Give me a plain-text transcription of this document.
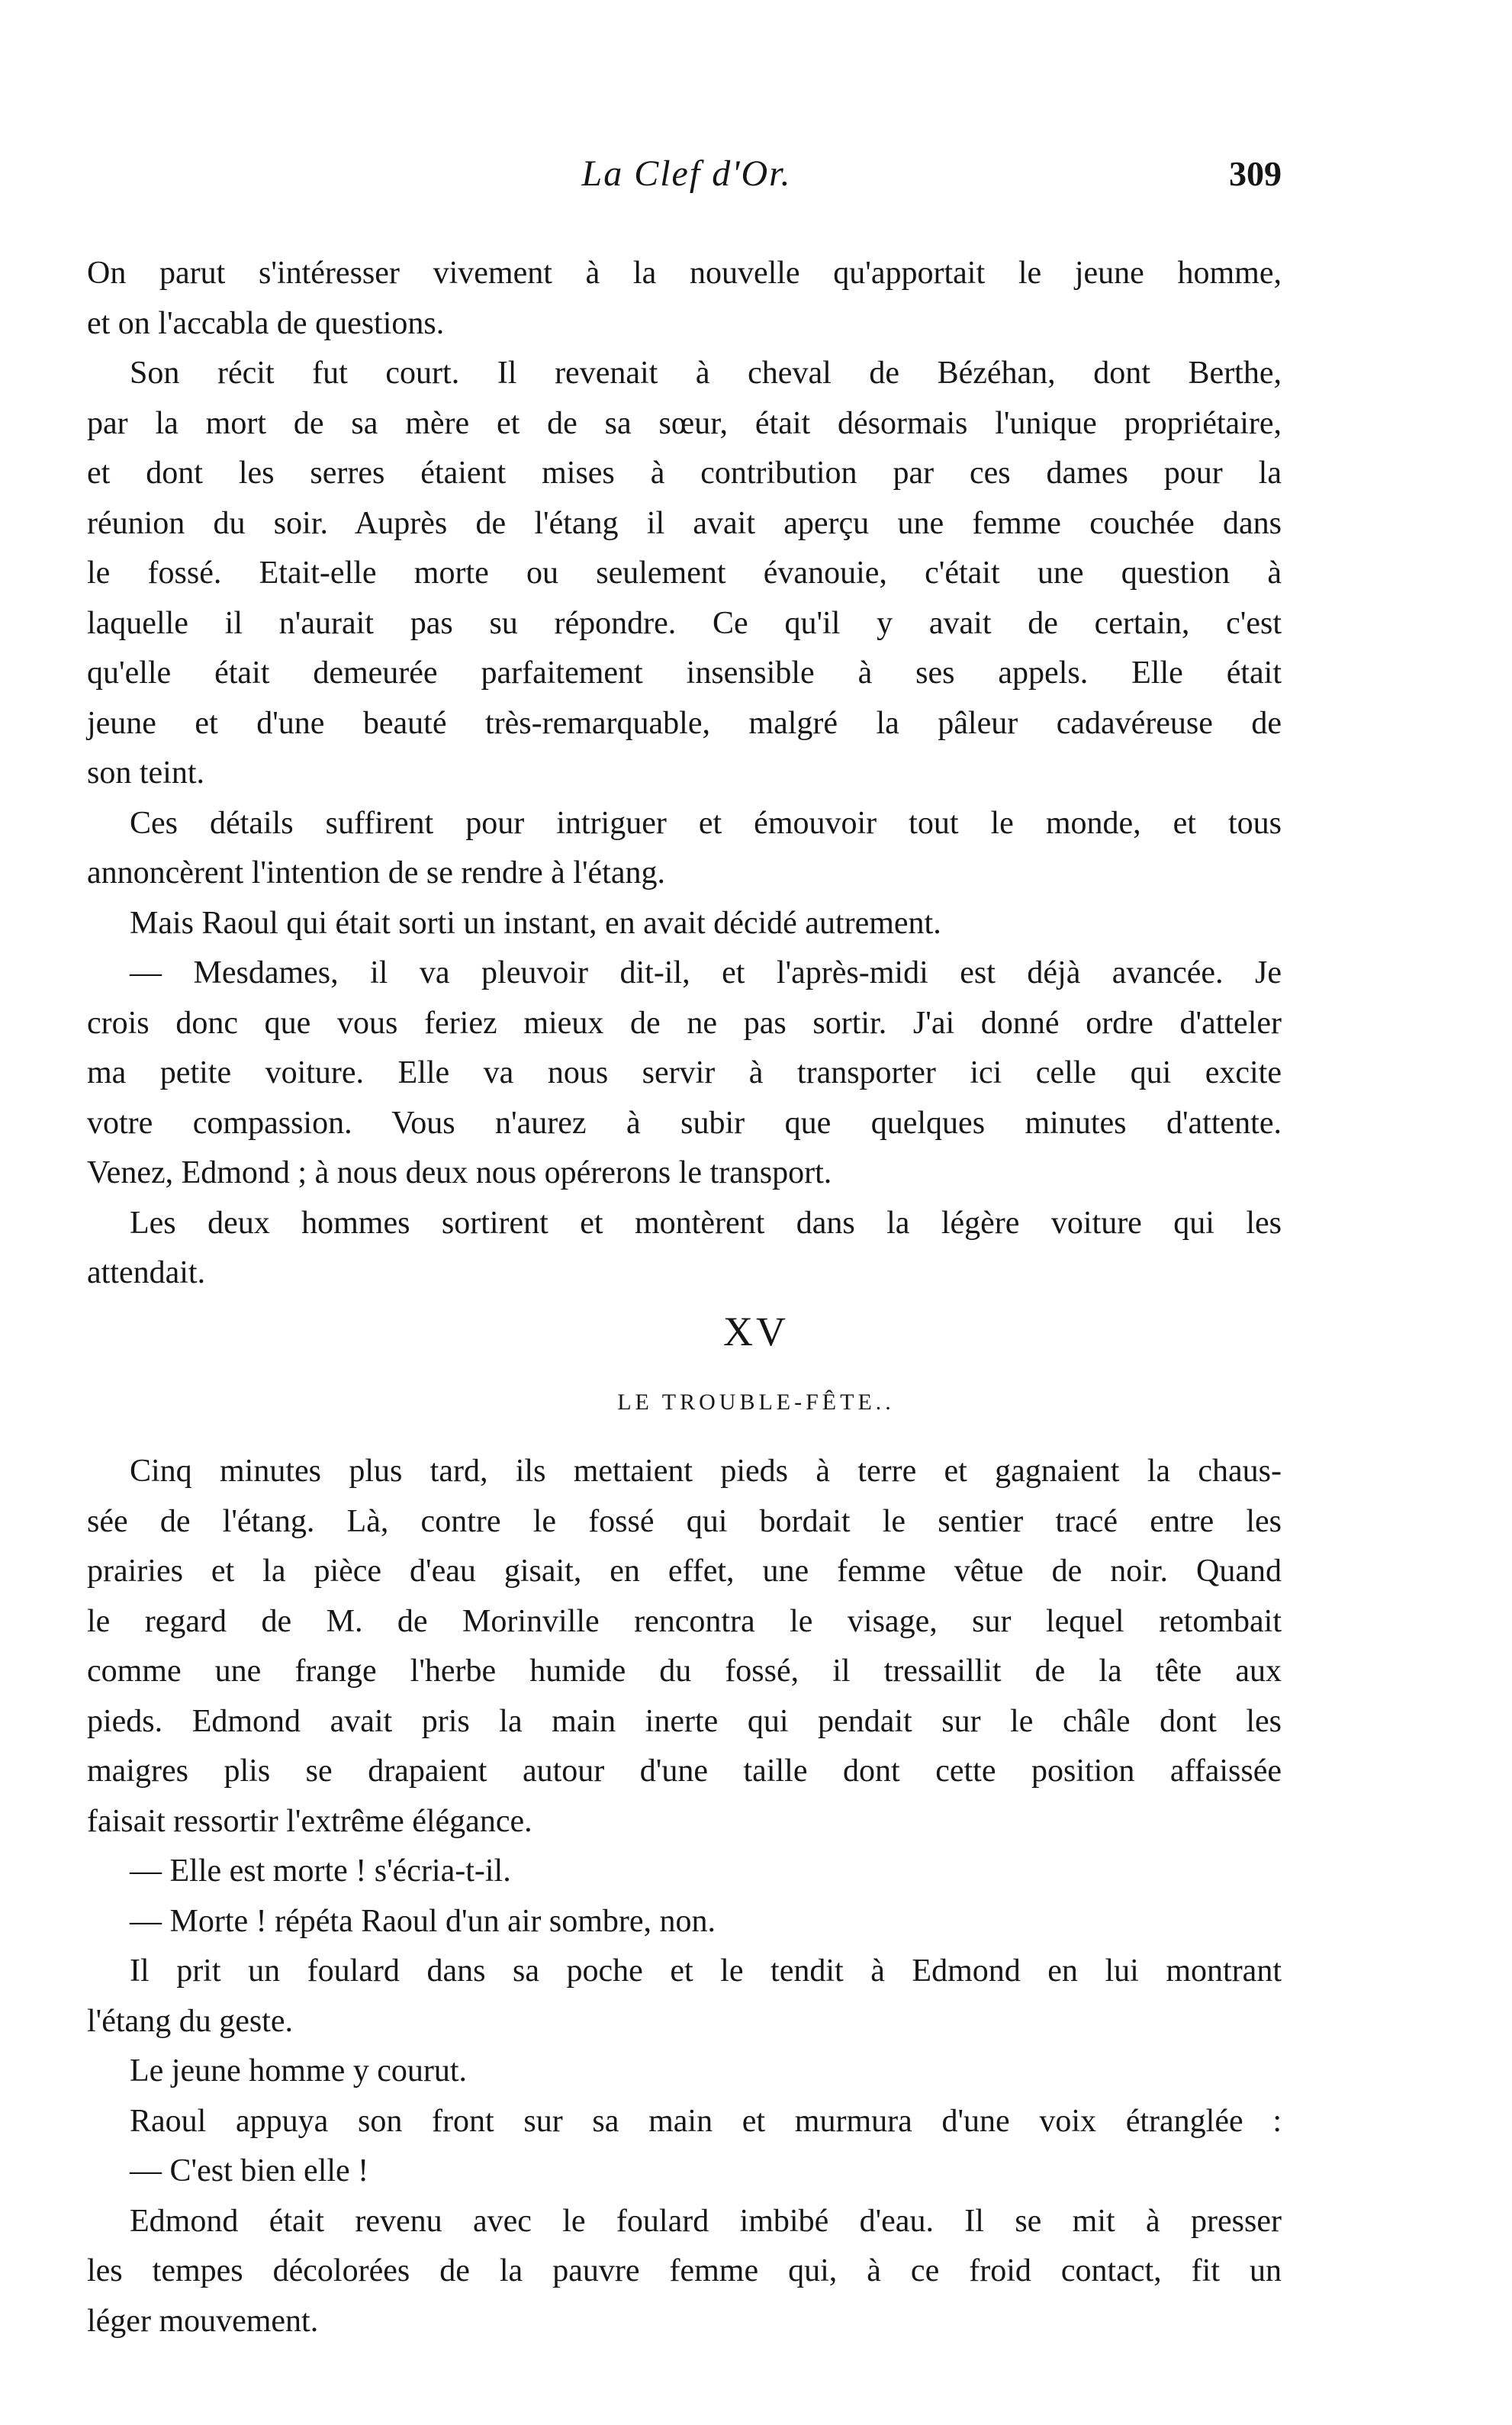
La Clef d'Or.	309
On parut s'intéresser vivement à la nouvelle qu'apportait le jeune homme,
et on l'accabla de questions.
Son récit fut court. Il revenait à cheval de Bézéhan, dont Berthe,
par la mort de sa mère et de sa sœur, était désormais l'unique propriétaire,
et dont les serres étaient mises à contribution par ces dames pour la
réunion du soir. Auprès de l'étang il avait aperçu une femme couchée dans
le fossé. Etait-elle morte ou seulement évanouie, c'était une question à
laquelle il n'aurait pas su répondre. Ce qu'il y avait de certain, c'est
qu'elle était demeurée parfaitement insensible à ses appels. Elle était
jeune et d'une beauté très-remarquable, malgré la pâleur cadavéreuse de
son teint.
Ces détails suffirent pour intriguer et émouvoir tout le monde, et tous
annoncèrent l'intention de se rendre à l'étang.
Mais Raoul qui était sorti un instant, en avait décidé autrement.
— Mesdames, il va pleuvoir dit-il, et l'après-midi est déjà avancée. Je
crois donc que vous feriez mieux de ne pas sortir. J'ai donné ordre d'atteler
ma petite voiture. Elle va nous servir à transporter ici celle qui excite
votre compassion. Vous n'aurez à subir que quelques minutes d'attente.
Venez, Edmond ; à nous deux nous opérerons le transport.
Les deux hommes sortirent et montèrent dans la légère voiture qui les
attendait.
XV
LE TROUBLE-FÊTE..
Cinq minutes plus tard, ils mettaient pieds à terre et gagnaient la chaus-
sée de l'étang. Là, contre le fossé qui bordait le sentier tracé entre les
prairies et la pièce d'eau gisait, en effet, une femme vêtue de noir. Quand
le regard de M. de Morinville rencontra le visage, sur lequel retombait
comme une frange l'herbe humide du fossé, il tressaillit de la tête aux
pieds. Edmond avait pris la main inerte qui pendait sur le châle dont les
maigres plis se drapaient autour d'une taille dont cette position affaissée
faisait ressortir l'extrême élégance.
— Elle est morte ! s'écria-t-il.
— Morte ! répéta Raoul d'un air sombre, non.
Il prit un foulard dans sa poche et le tendit à Edmond en lui montrant
l'étang du geste.
Le jeune homme y courut.
Raoul appuya son front sur sa main et murmura d'une voix étranglée :
— C'est bien elle !
Edmond était revenu avec le foulard imbibé d'eau. Il se mit à presser
les tempes décolorées de la pauvre femme qui, à ce froid contact, fit un
léger mouvement.
